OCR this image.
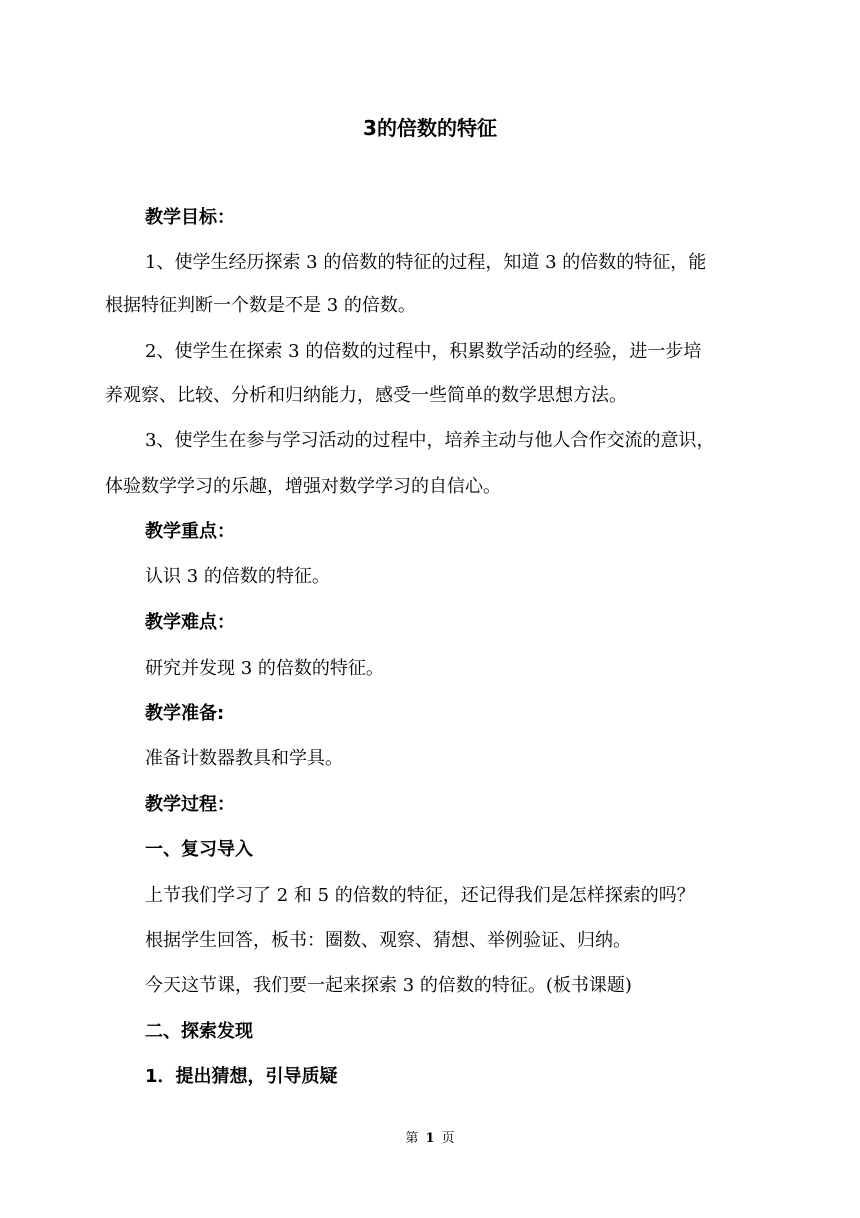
3的倍数的特征

教学目标：

1、使学生经历探索 3 的倍数的特征的过程，知道 3 的倍数的特征，能

根据特征判断一个数是不是 3 的倍数。

2、使学生在探索 3 的倍数的过程中，积累数学活动的经验，进一步培

养观察、比较、分析和归纳能力，感受一些简单的数学思想方法。

3、使学生在参与学习活动的过程中，培养主动与他人合作交流的意识，

体验数学学习的乐趣，增强对数学学习的自信心。

教学重点：

认识 3 的倍数的特征。

教学难点：

研究并发现 3 的倍数的特征。

教学准备:

准备计数器教具和学具。

教学过程：

一、复习导入

上节我们学习了 2 和 5 的倍数的特征，还记得我们是怎样探索的吗？

根据学生回答，板书：圈数、观察、猜想、举例验证、归纳。

今天这节课，我们要一起来探索 3 的倍数的特征。(板书课题)

二、探索发现

1．提出猜想，引导质疑

第 1 页
